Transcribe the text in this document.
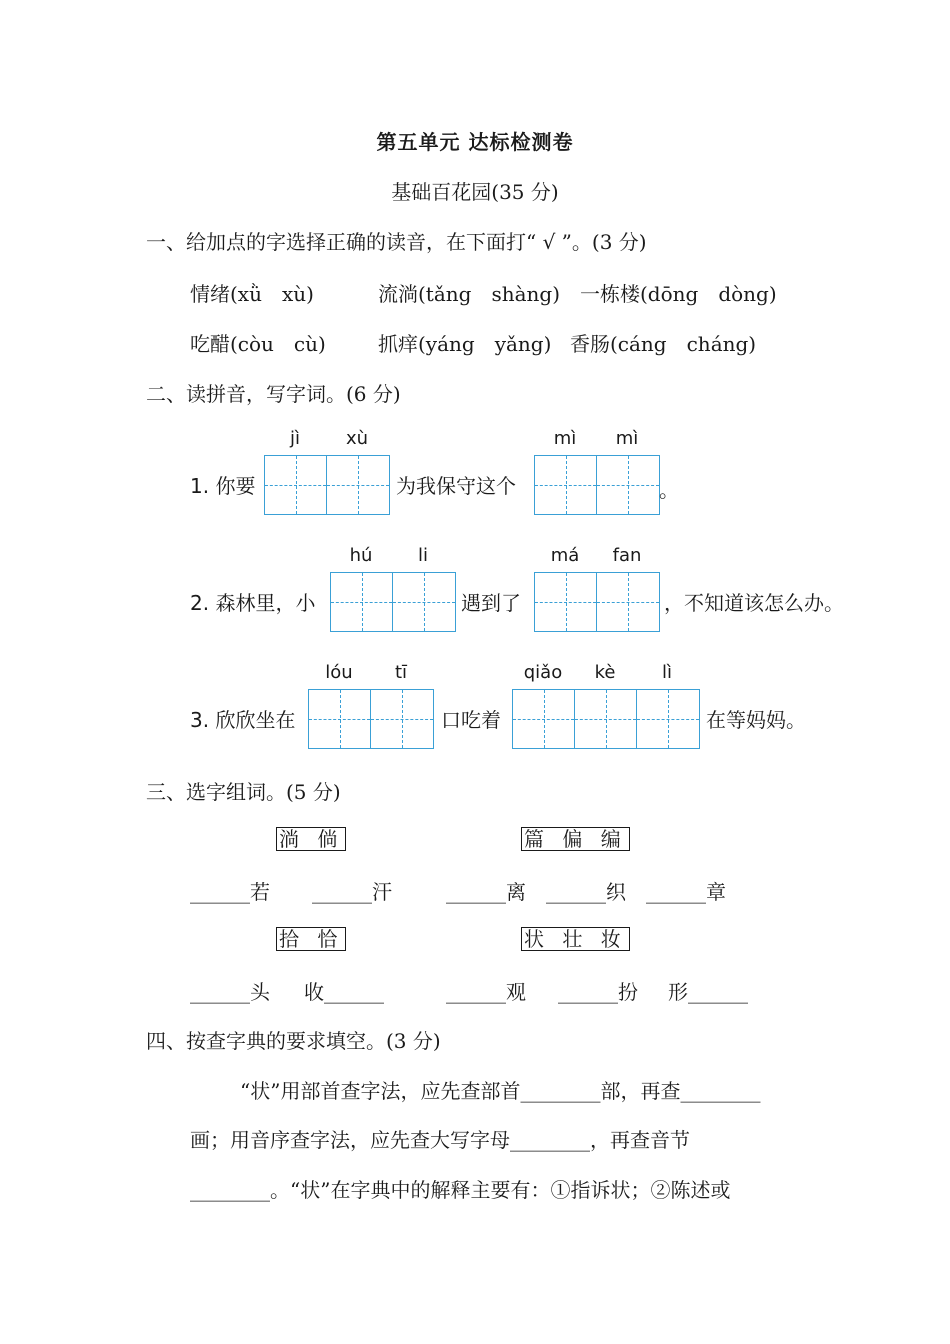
第五单元 达标检测卷
基础百花园(35 分)
一、给加点的字选择正确的读音，在下面打“ √ ”。(3 分)
情绪(xǜ　xù)	流淌(tǎng　shàng) 一栋楼(dōng　dòng)
吃醋(còu　cù)	抓痒(yáng　yǎng) 香肠(cáng　cháng)
二、读拼音，写字词。(6 分)
jì	xù	mì	mì
1. 你要	为我保守这个	。
hú	li	má	fan
2. 森林里，小	遇到了	，不知道该怎么办。
lóu	tī	qiǎo	kè	lì
3. 欣欣坐在	口吃着	在等妈妈。
三、选字组词。(5 分)
淌 倘	篇 偏 编
______若 ______汗	______离 ______织 ______章
拾 恰	状 壮 妆
______头 收______	______观 ______扮 形______
四、按查字典的要求填空。(3 分)
“状”用部首查字法，应先查部首________部，再查________
画；用音序查字法，应先查大写字母________，再查音节
________。“状”在字典中的解释主要有：①指诉状；②陈述或
